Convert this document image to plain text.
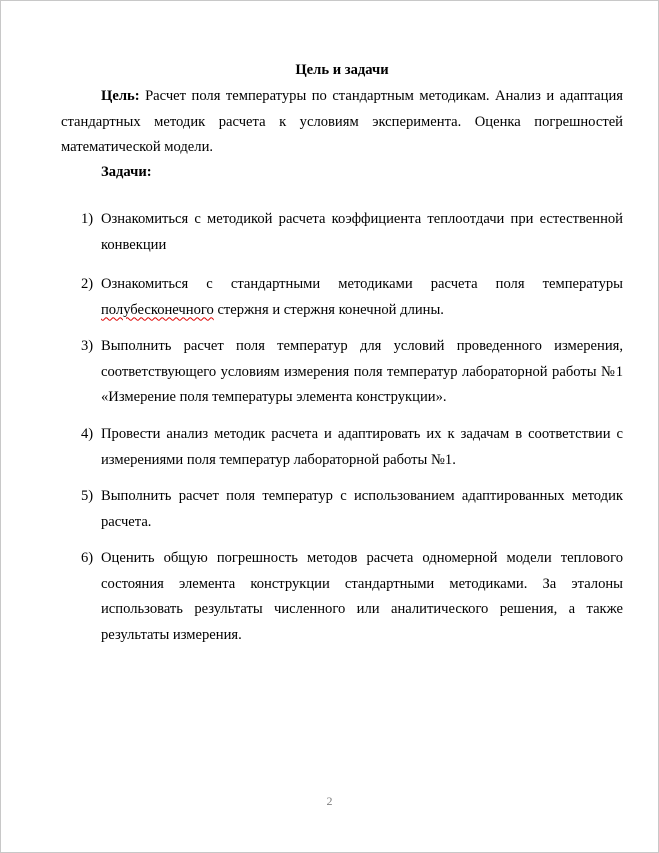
Цель и задачи
Цель: Расчет поля температуры по стандартным методикам. Анализ и адаптация стандартных методик расчета к условиям эксперимента. Оценка погрешностей математической модели.
Задачи:
1) Ознакомиться с методикой расчета коэффициента теплоотдачи при естественной конвекции
2) Ознакомиться с стандартными методиками расчета поля температуры полубесконечного стержня и стержня конечной длины.
3) Выполнить расчет поля температур для условий проведенного измерения, соответствующего условиям измерения поля температур лабораторной работы №1 «Измерение поля температуры элемента конструкции».
4) Провести анализ методик расчета и адаптировать их к задачам в соответствии с измерениями поля температур лабораторной работы №1.
5) Выполнить расчет поля температур с использованием адаптированных методик расчета.
6) Оценить общую погрешность методов расчета одномерной модели теплового состояния элемента конструкции стандартными методиками. За эталоны использовать результаты численного или аналитического решения, а также результаты измерения.
2
